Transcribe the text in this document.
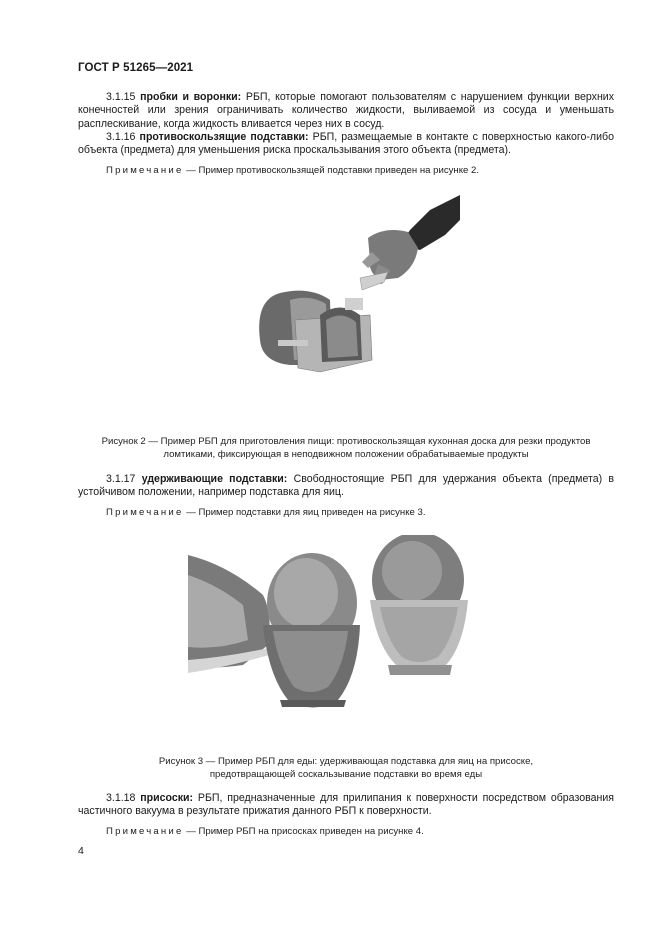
ГОСТ Р 51265—2021
3.1.15 пробки и воронки: РБП, которые помогают пользователям с нарушением функции верхних конечностей или зрения ограничивать количество жидкости, выливаемой из сосуда и уменьшать расплескивание, когда жидкость вливается через них в сосуд.
3.1.16 противоскользящие подставки: РБП, размещаемые в контакте с поверхностью какого-либо объекта (предмета) для уменьшения риска проскальзывания этого объекта (предмета).
Примечание — Пример противоскользящей подставки приведен на рисунке 2.
Рисунок 2 — Пример РБП для приготовления пищи: противоскользящая кухонная доска для резки продуктов
ломтиками, фиксирующая в неподвижном положении обрабатываемые продукты
3.1.17 удерживающие подставки: Свободностоящие РБП для удержания объекта (предмета) в устойчивом положении, например подставка для яиц.
Примечание — Пример подставки для яиц приведен на рисунке 3.
Рисунок 3 — Пример РБП для еды: удерживающая подставка для яиц на присоске,
предотвращающей соскальзывание подставки во время еды
3.1.18 присоски: РБП, предназначенные для прилипания к поверхности посредством образования частичного вакуума в результате прижатия данного РБП к поверхности.
Примечание — Пример РБП на присосках приведен на рисунке 4.
4
